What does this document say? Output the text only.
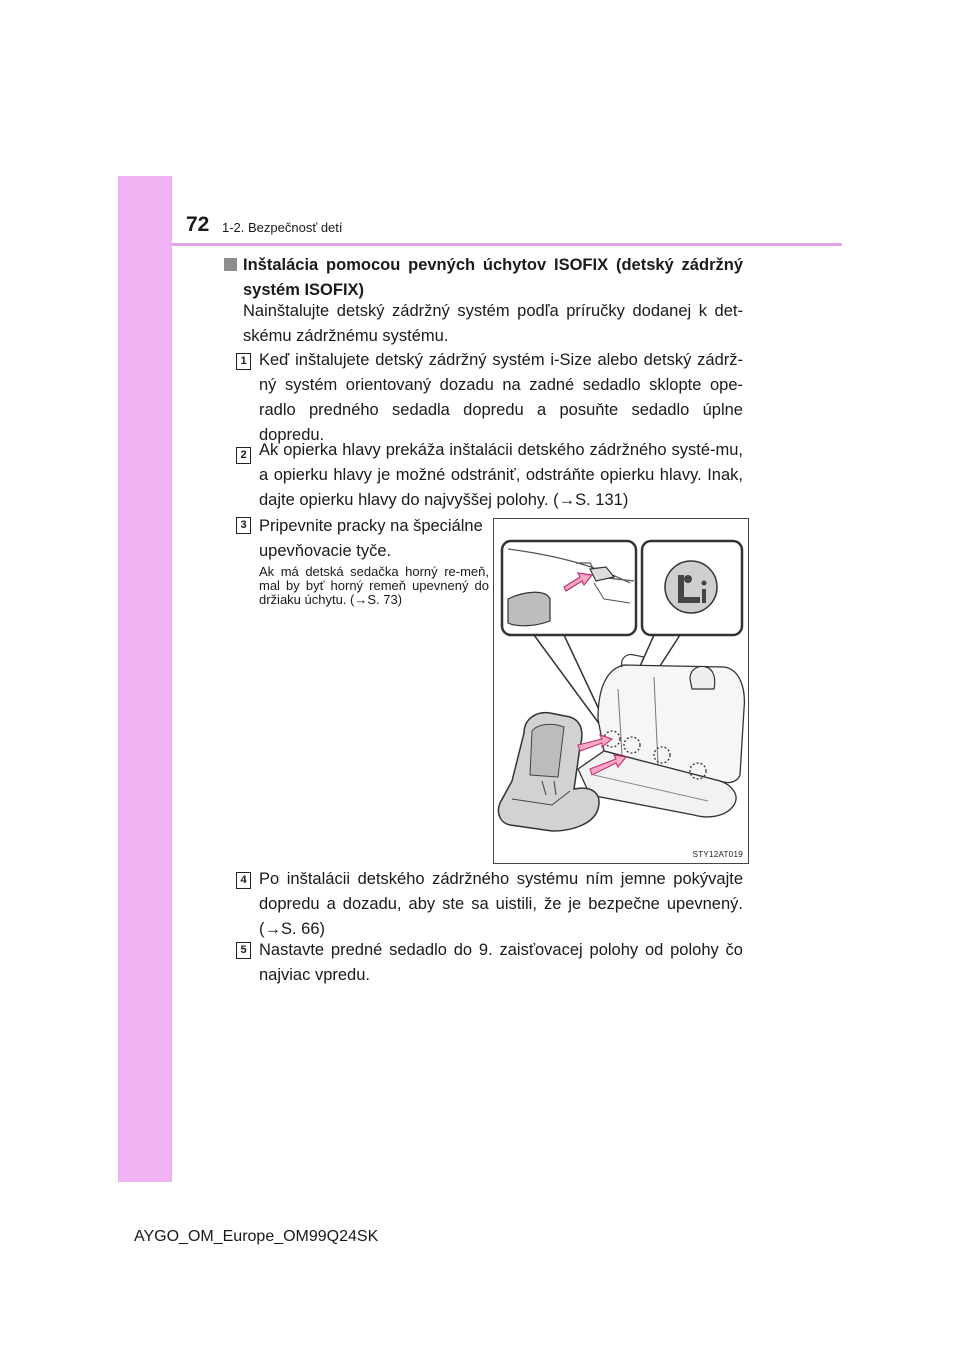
72 1-2. Bezpečnosť detí
Inštalácia pomocou pevných úchytov ISOFIX (detský zádržný systém ISOFIX)
Nainštalujte detský zádržný systém podľa príručky dodanej k det-skému zádržnému systému.
1 Keď inštalujete detský zádržný systém i-Size alebo detský zádrž-ný systém orientovaný dozadu na zadné sedadlo sklopte ope-radlo predného sedadla dopredu a posuňte sedadlo úplne dopredu.
2 Ak opierka hlavy prekáža inštalácii detského zádržného systé-mu, a opierku hlavy je možné odstrániť, odstráňte opierku hlavy. Inak, dajte opierku hlavy do najvyššej polohy. (→S. 131)
3 Pripevnite pracky na špeciálne upevňovacie tyče.
Ak má detská sedačka horný re-meň, mal by byť horný remeň upevnený do držiaku úchytu. (→S. 73)
STY12AT019
4 Po inštalácii detského zádržného systému ním jemne pokývajte dopredu a dozadu, aby ste sa uistili, že je bezpečne upevnený. (→S. 66)
5 Nastavte predné sedadlo do 9. zaisťovacej polohy od polohy čo najviac vpredu.
AYGO_OM_Europe_OM99Q24SK
